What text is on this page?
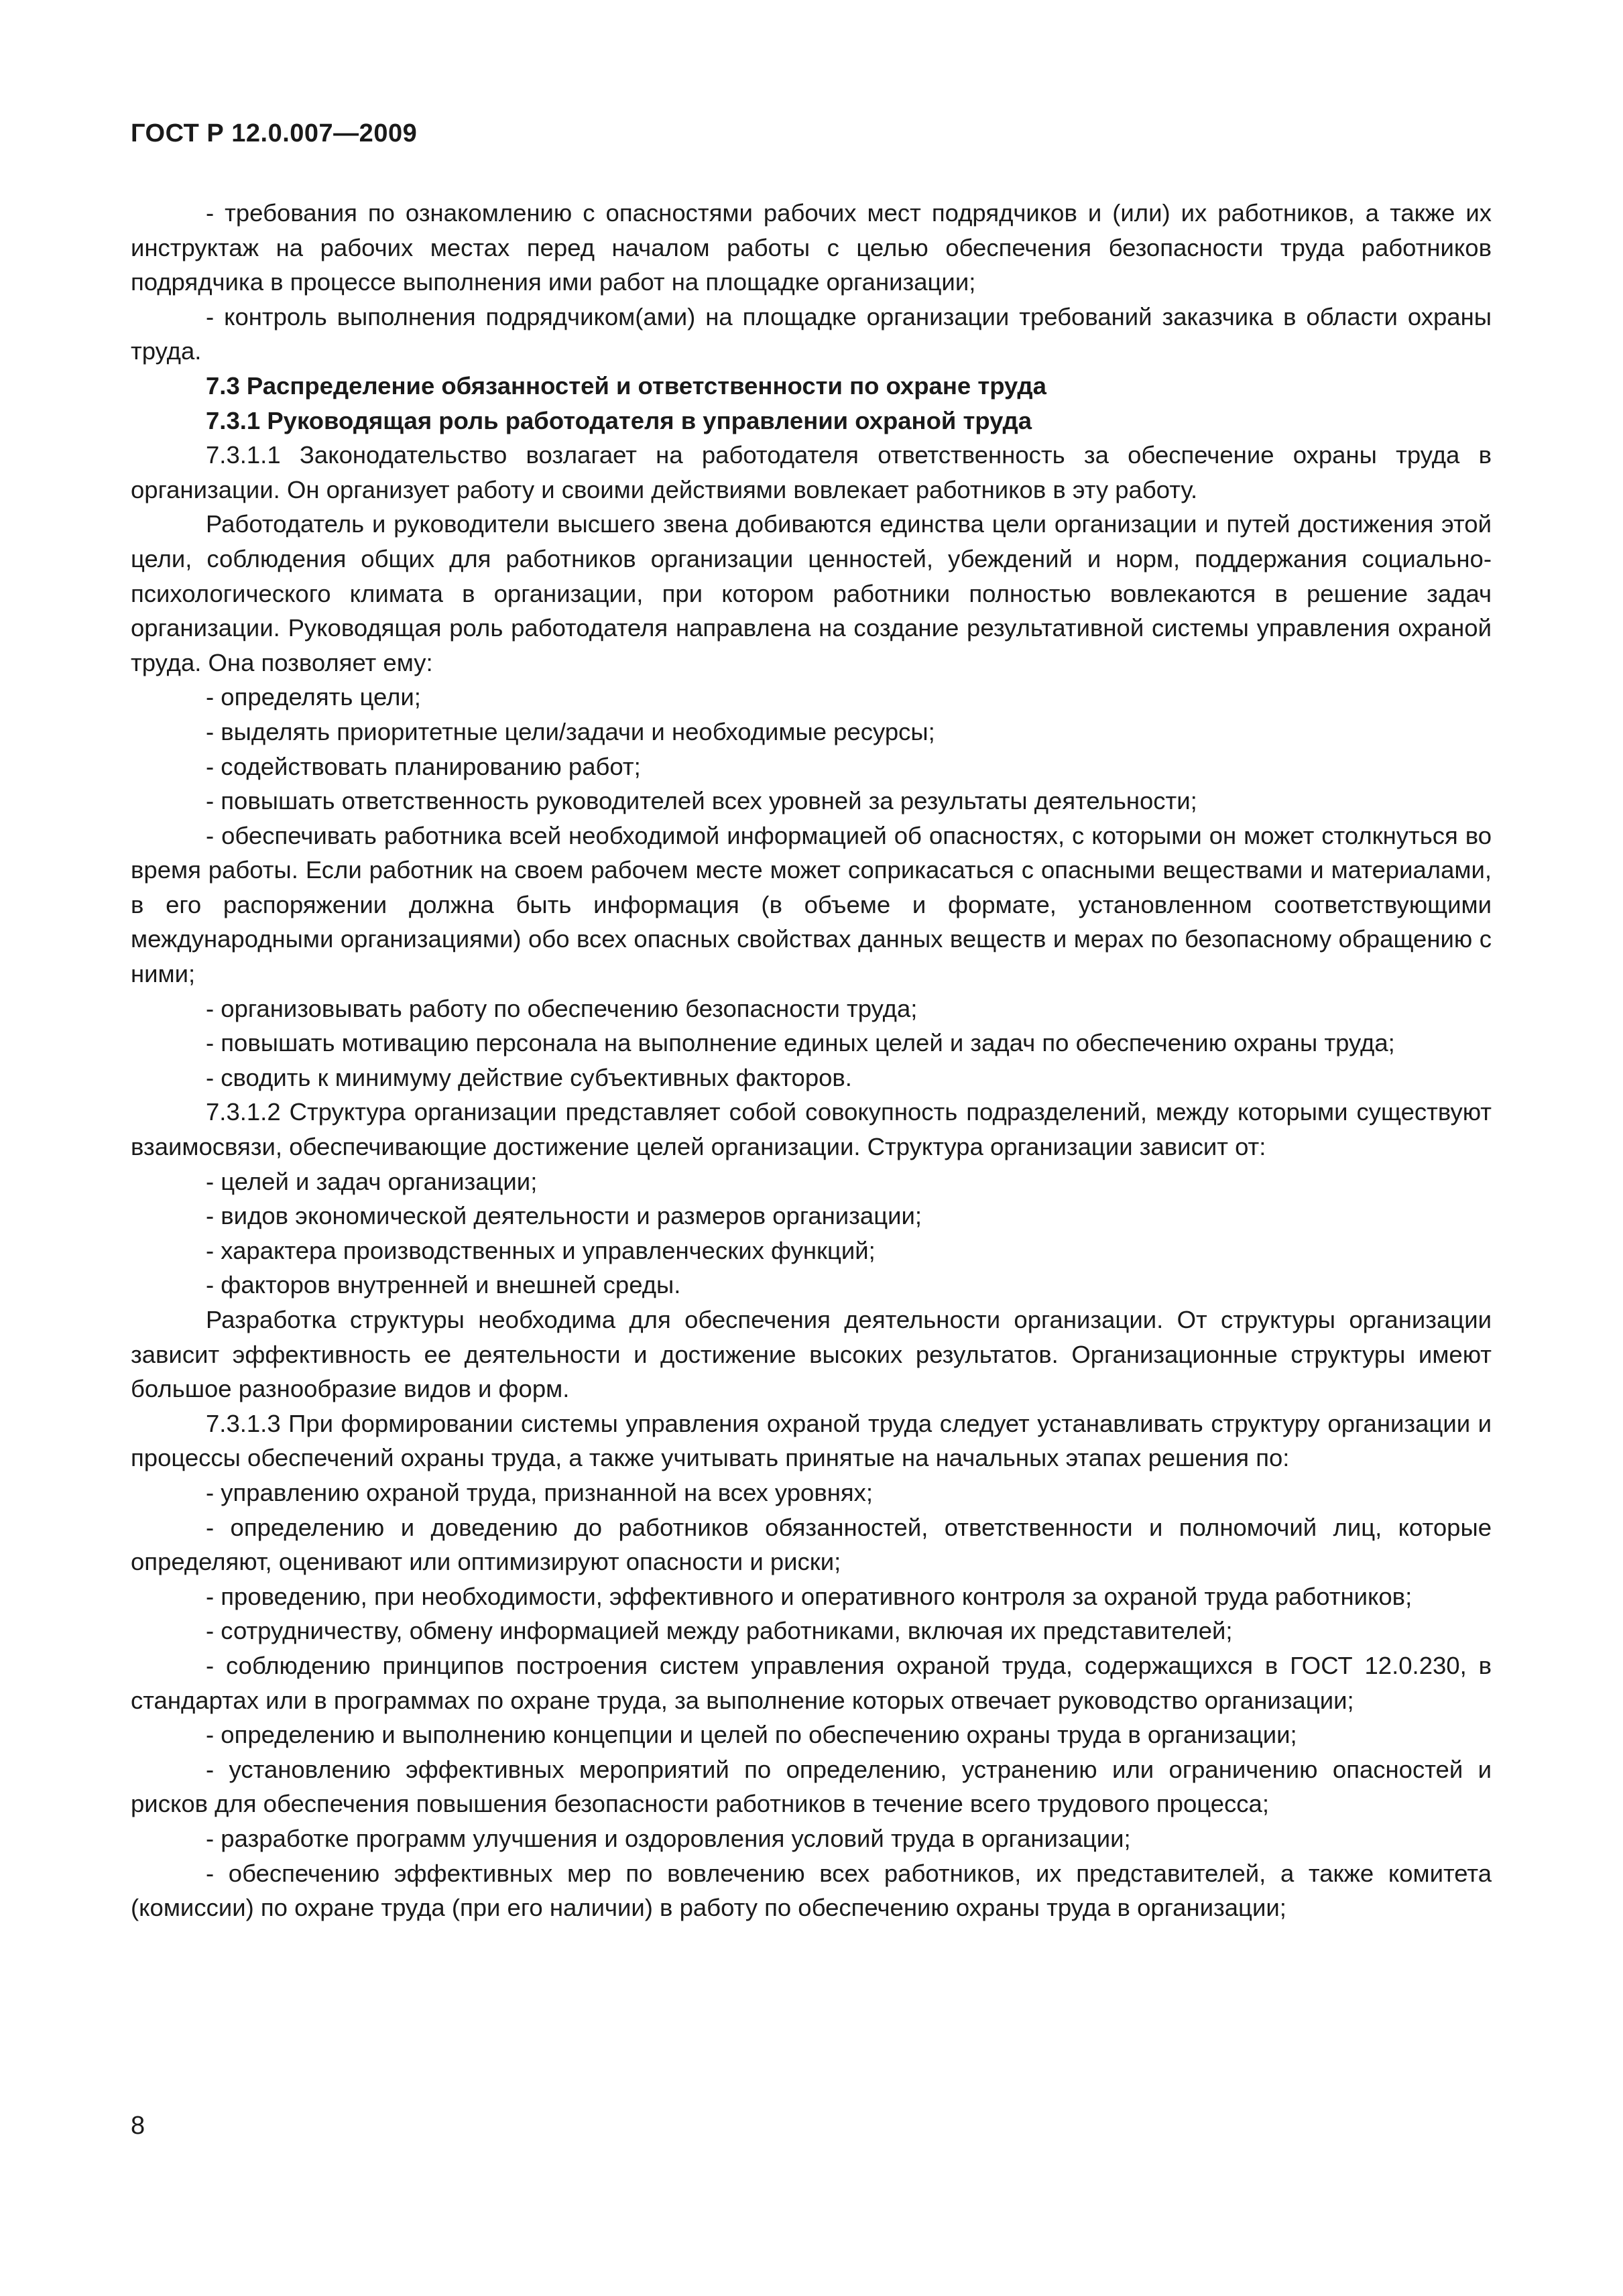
ГОСТ Р 12.0.007—2009

- требования по ознакомлению с опасностями рабочих мест подрядчиков и (или) их работников, а также их инструктаж на рабочих местах перед началом работы с целью обеспечения безопасности труда работников подрядчика в процессе выполнения ими работ на площадке организации;

- контроль выполнения подрядчиком(ами) на площадке организации требований заказчика в области охраны труда.

7.3 Распределение обязанностей и ответственности по охране труда

7.3.1 Руководящая роль работодателя в управлении охраной труда

7.3.1.1 Законодательство возлагает на работодателя ответственность за обеспечение охраны труда в организации. Он организует работу и своими действиями вовлекает работников в эту работу.

Работодатель и руководители высшего звена добиваются единства цели организации и путей достижения этой цели, соблюдения общих для работников организации ценностей, убеждений и норм, поддержания социально-психологического климата в организации, при котором работники полностью вовлекаются в решение задач организации. Руководящая роль работодателя направлена на создание результативной системы управления охраной труда. Она позволяет ему:

- определять цели;

- выделять приоритетные цели/задачи и необходимые ресурсы;

- содействовать планированию работ;

- повышать ответственность руководителей всех уровней за результаты деятельности;

- обеспечивать работника всей необходимой информацией об опасностях, с которыми он может столкнуться во время работы. Если работник на своем рабочем месте может соприкасаться с опасными веществами и материалами, в его распоряжении должна быть информация (в объеме и формате, установленном соответствующими международными организациями) обо всех опасных свойствах данных веществ и мерах по безопасному обращению с ними;

- организовывать работу по обеспечению безопасности труда;

- повышать мотивацию персонала на выполнение единых целей и задач по обеспечению охраны труда;

- сводить к минимуму действие субъективных факторов.

7.3.1.2 Структура организации представляет собой совокупность подразделений, между которыми существуют взаимосвязи, обеспечивающие достижение целей организации. Структура организации зависит от:

- целей и задач организации;

- видов экономической деятельности и размеров организации;

- характера производственных и управленческих функций;

- факторов внутренней и внешней среды.

Разработка структуры необходима для обеспечения деятельности организации. От структуры организации зависит эффективность ее деятельности и достижение высоких результатов. Организационные структуры имеют большое разнообразие видов и форм.

7.3.1.3 При формировании системы управления охраной труда следует устанавливать структуру организации и процессы обеспечений охраны труда, а также учитывать принятые на начальных этапах решения по:

- управлению охраной труда, признанной на всех уровнях;

- определению и доведению до работников обязанностей, ответственности и полномочий лиц, которые определяют, оценивают или оптимизируют опасности и риски;

- проведению, при необходимости, эффективного и оперативного контроля за охраной труда работников;

- сотрудничеству, обмену информацией между работниками, включая их представителей;

- соблюдению принципов построения систем управления охраной труда, содержащихся в ГОСТ 12.0.230, в стандартах или в программах по охране труда, за выполнение которых отвечает руководство организации;

- определению и выполнению концепции и целей по обеспечению охраны труда в организации;

- установлению эффективных мероприятий по определению, устранению или ограничению опасностей и рисков для обеспечения повышения безопасности работников в течение всего трудового процесса;

- разработке программ улучшения и оздоровления условий труда в организации;

- обеспечению эффективных мер по вовлечению всех работников, их представителей, а также комитета (комиссии) по охране труда (при его наличии) в работу по обеспечению охраны труда в организации;

8
